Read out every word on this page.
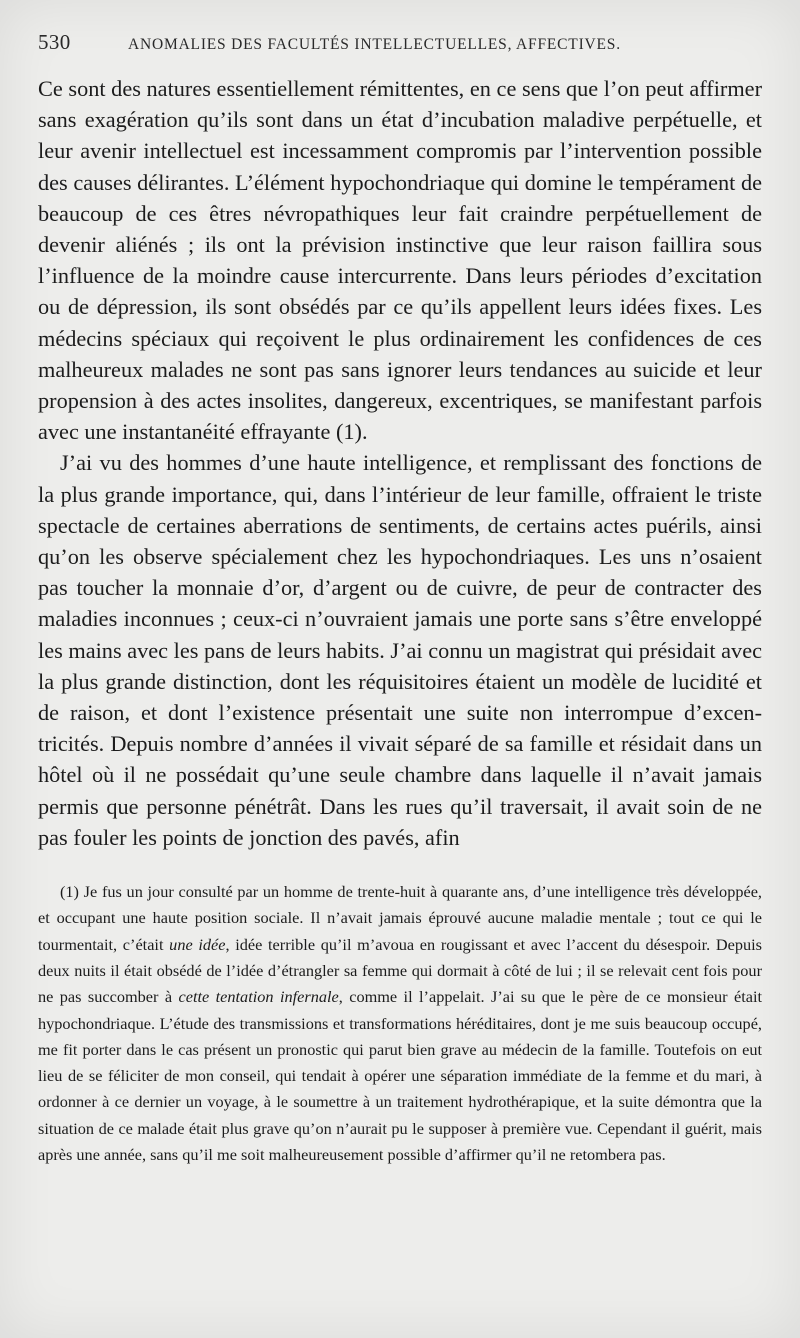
530	ANOMALIES DES FACULTÉS INTELLECTUELLES, AFFECTIVES.

Ce sont des natures essentiellement rémittentes, en ce sens que l’on peut affirmer sans exagération qu’ils sont dans un état d’incubation maladive perpétuelle, et leur avenir intellectuel est incessamment compromis par l’intervention possible des causes délirantes. L’élément hypochondriaque qui domine le tempérament de beaucoup de ces êtres névropathiques leur fait craindre perpétuellement de devenir aliénés ; ils ont la prévision instinctive que leur raison faillira sous l’influence de la moindre cause intercurrente. Dans leurs périodes d’excitation ou de dépression, ils sont obsédés par ce qu’ils appellent leurs idées fixes. Les médecins spéciaux qui reçoivent le plus ordinairement les confidences de ces malheureux malades ne sont pas sans ignorer leurs tendances au suicide et leur propension à des actes insolites, dangereux, excentriques, se manifestant parfois avec une instantanéité effrayante (1).

J’ai vu des hommes d’une haute intelligence, et remplissant des fonctions de la plus grande importance, qui, dans l’intérieur de leur famille, offraient le triste spectacle de certaines aberrations de sentiments, de certains actes puérils, ainsi qu’on les observe spécialement chez les hypochondriaques. Les uns n’osaient pas toucher la monnaie d’or, d’argent ou de cuivre, de peur de contracter des maladies inconnues ; ceux-ci n’ouvraient jamais une porte sans s’être enveloppé les mains avec les pans de leurs habits. J’ai connu un magistrat qui présidait avec la plus grande distinction, dont les réquisitoires étaient un modèle de lucidité et de raison, et dont l’existence présentait une suite non interrompue d’excentricités. Depuis nombre d’années il vivait séparé de sa famille et résidait dans un hôtel où il ne possédait qu’une seule chambre dans laquelle il n’avait jamais permis que personne pénétrât. Dans les rues qu’il traversait, il avait soin de ne pas fouler les points de jonction des pavés, afin

(1) Je fus un jour consulté par un homme de trente-huit à quarante ans, d’une intelligence très développée, et occupant une haute position sociale. Il n’avait jamais éprouvé aucune maladie mentale ; tout ce qui le tourmentait, c’était une idée, idée terrible qu’il m’avoua en rougissant et avec l’accent du désespoir. Depuis deux nuits il était obsédé de l’idée d’étrangler sa femme qui dormait à côté de lui ; il se relevait cent fois pour ne pas succomber à cette tentation infernale, comme il l’appelait. J’ai su que le père de ce monsieur était hypochondriaque. L’étude des transmissions et transformations héréditaires, dont je me suis beaucoup occupé, me fit porter dans le cas présent un pronostic qui parut bien grave au médecin de la famille. Toutefois on eut lieu de se féliciter de mon conseil, qui tendait à opérer une séparation immédiate de la femme et du mari, à ordonner à ce dernier un voyage, à le soumettre à un traitement hydrothérapique, et la suite démontra que la situation de ce malade était plus grave qu’on n’aurait pu le supposer à première vue. Cependant il guérit, mais après une année, sans qu’il me soit malheureusement possible d’affirmer qu’il ne retombera pas.
